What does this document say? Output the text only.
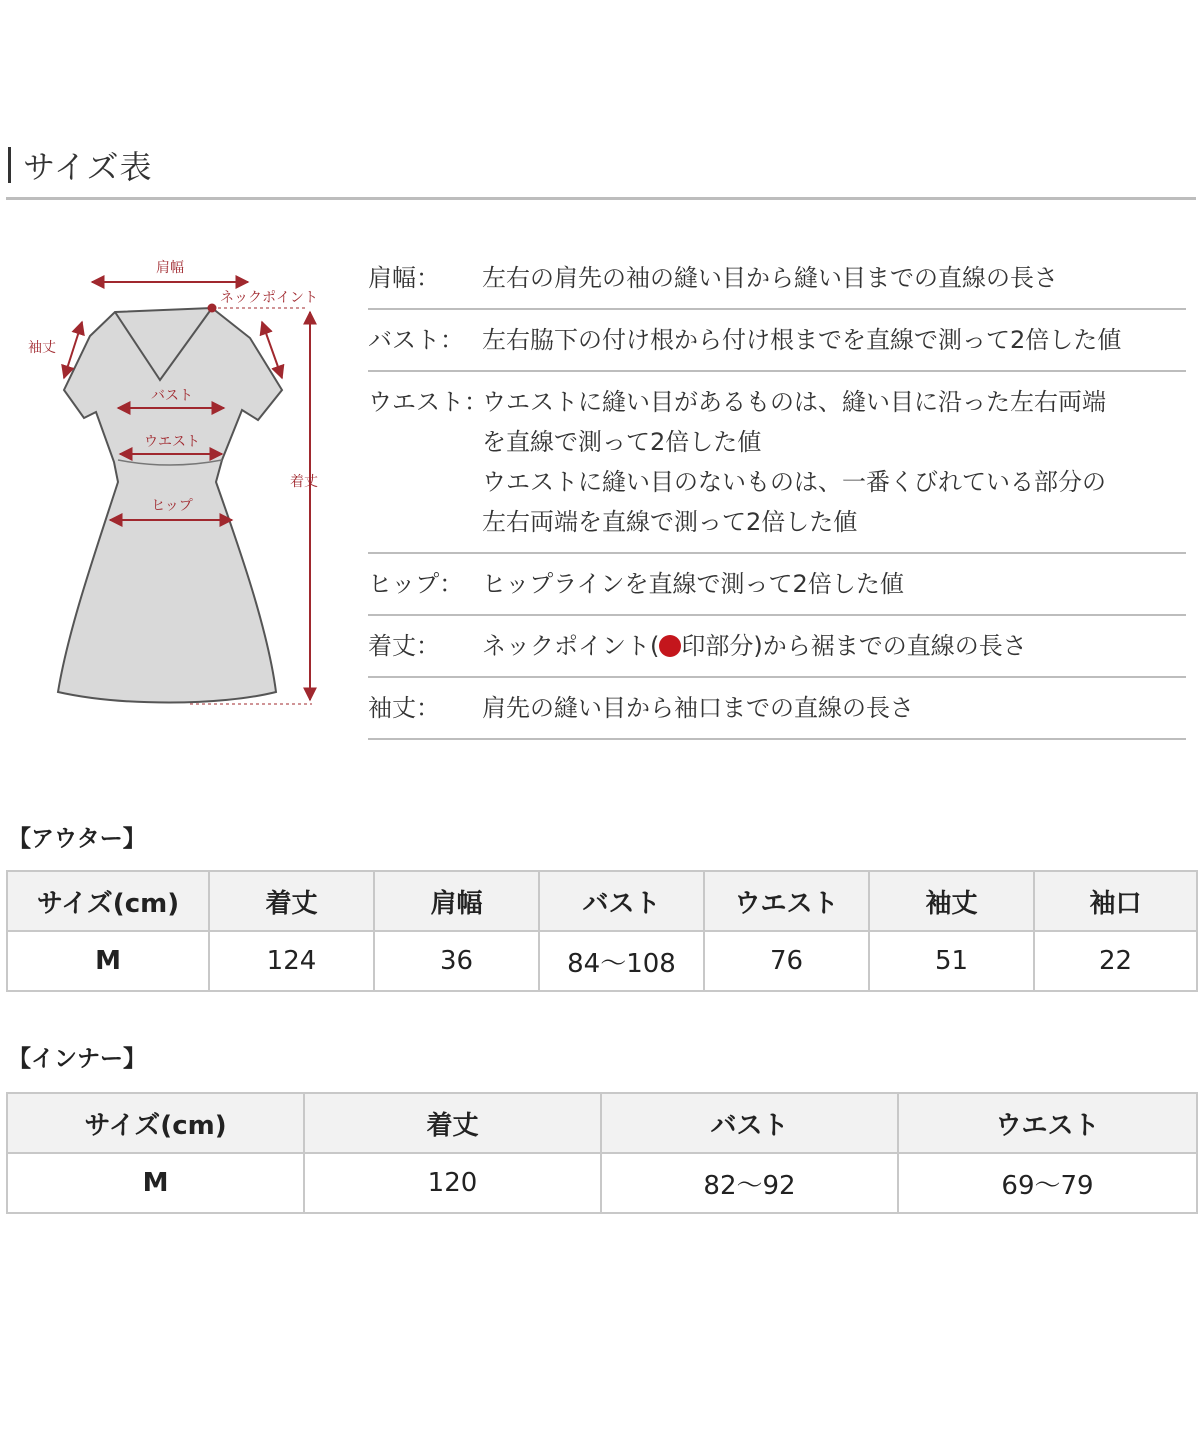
サイズ表
肩幅
ネックポイント
袖丈
バスト
ウエスト
ヒップ
着丈
肩幅：	左右の肩先の袖の縫い目から縫い目までの直線の長さ
バスト： 左右脇下の付け根から付け根までを直線で測って2倍した値
ウエスト：
ウエストに縫い目があるものは、縫い目に沿った左右両端
を直線で測って2倍した値
ウエストに縫い目のないものは、一番くびれている部分の
左右両端を直線で測って2倍した値
ヒップ： ヒップラインを直線で測って2倍した値
着丈：	ネックポイント( 印部分)から裾までの直線の長さ
袖丈：	肩先の縫い目から袖口までの直線の長さ
【アウター】
サイズ(cm)	着丈	肩幅	バスト	ウエスト	袖丈	袖口
M	124	36	84～108	76	51	22
【インナー】
サイズ(cm)	着丈	バスト	ウエスト
M	120	82～92	69～79
